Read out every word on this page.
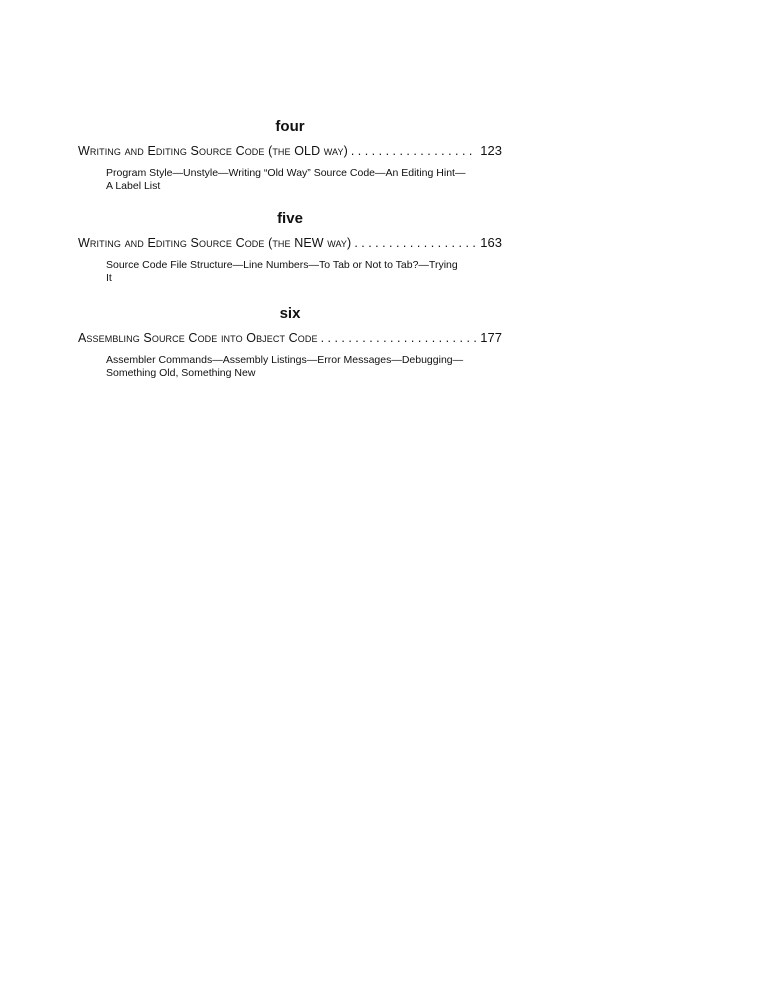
four
Writing and Editing Source Code (the OLD way) . . .	123
Program Style—Unstyle—Writing “Old Way” Source Code—An Editing Hint—A Label List
five
Writing and Editing Source Code (the NEW way) . . .	163
Source Code File Structure—Line Numbers—To Tab or Not to Tab?—Trying It
six
Assembling Source Code into Object Code . . .	177
Assembler Commands—Assembly Listings—Error Messages—Debugging—Something Old, Something New
